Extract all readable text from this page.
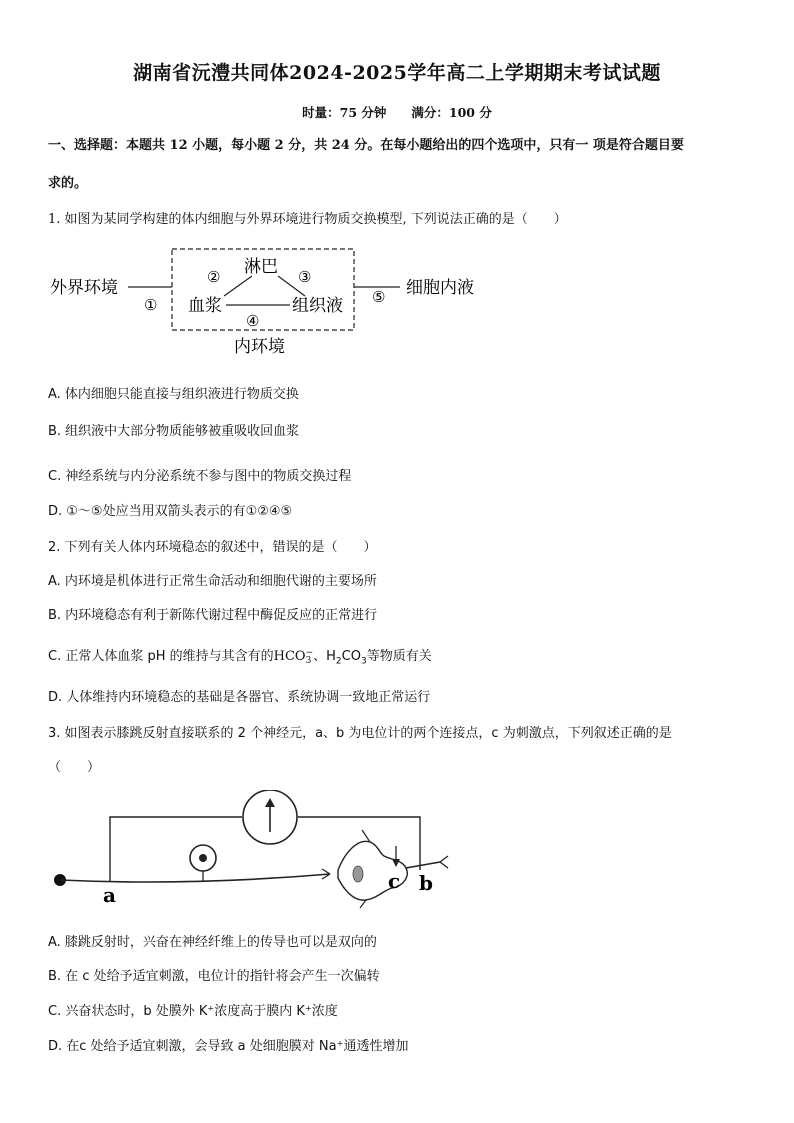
湖南省沅澧共同体2024-2025学年高二上学期期末考试试题
时量：75 分钟　　满分：100 分
一、选择题：本题共 12 小题，每小题 2 分，共 24 分。在每小题给出的四个选项中，只有一 项是符合题目要
求的。
1. 如图为某同学构建的体内细胞与外界环境进行物质交换模型, 下列说法正确的是（　　）
外界环境
①
淋巴
②	③
血浆	组织液
④
内环境
⑤ 细胞内液
A. 体内细胞只能直接与组织液进行物质交换
B. 组织液中大部分物质能够被重吸收回血浆
C. 神经系统与内分泌系统不参与图中的物质交换过程
D. ①～⑤处应当用双箭头表示的有①②④⑤
2. 下列有关人体内环境稳态的叙述中，错误的是（　　）
A. 内环境是机体进行正常生命活动和细胞代谢的主要场所
B. 内环境稳态有利于新陈代谢过程中酶促反应的正常进行
C. 正常人体血浆 pH 的维持与其含有的HCO −
3 、$H_2CO_3$等物质有关
D. 人体维持内环境稳态的基础是各器官、系统协调一致地正常运行
3. 如图表示膝跳反射直接联系的 2 个神经元，a、b 为电位计的两个连接点，c 为刺激点，下列叙述正确的是
（　　）
a
c b
A. 膝跳反射时，兴奋在神经纤维上的传导也可以是双向的
B. 在 c 处给予适宜刺激，电位计的指针将会产生一次偏转
C. 兴奋状态时，b 处膜外 K⁺浓度高于膜内 K⁺浓度
D. 在c 处给予适宜刺激，会导致 a 处细胞膜对 Na⁺通透性增加
